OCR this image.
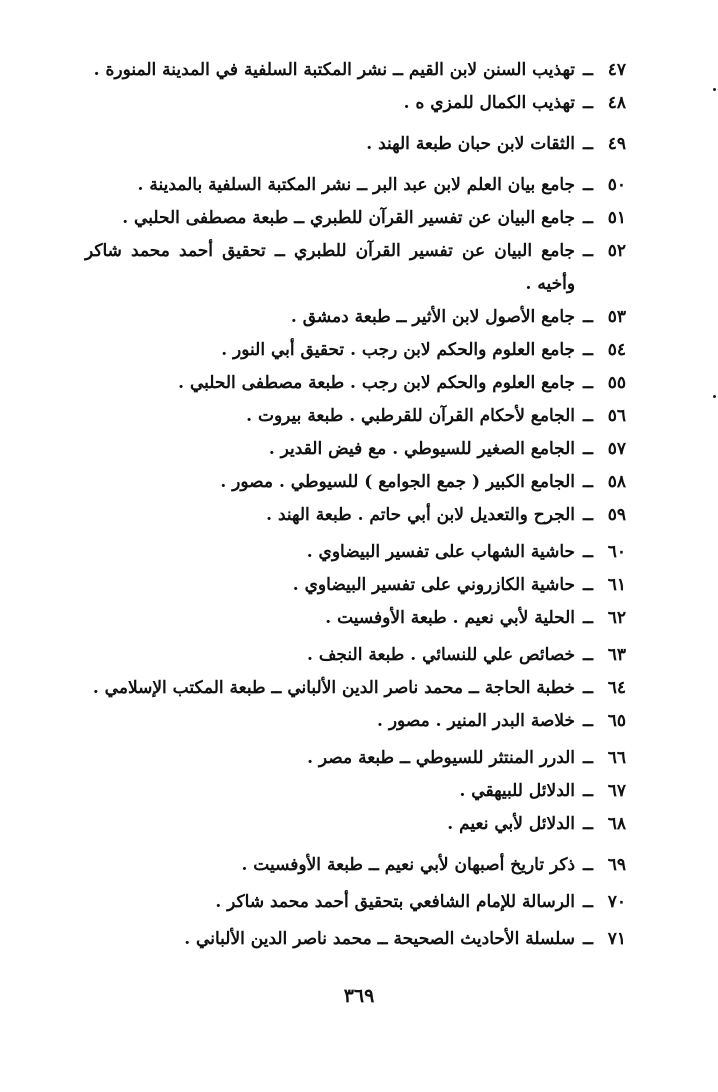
٤٧
ــ
تهذيب السنن لابن القيم ــ نشر المكتبة السلفية في المدينة المنورة .
٤٨
ــ
تهذيب الكمال للمزي ه .
٤٩
ــ
الثقات لابن حبان طبعة الهند .
٥٠
ــ
جامع بيان العلم لابن عبد البر ــ نشر المكتبة السلفية بالمدينة .
٥١
ــ
جامع البيان عن تفسير القرآن للطبري ــ طبعة مصطفى الحلبي .
٥٢
ــ
جامع البيان عن تفسير القرآن للطبري ــ تحقيق أحمد محمد شاكر وأخيه .
٥٣
ــ
جامع الأصول لابن الأثير ــ طبعة دمشق .
٥٤
ــ
جامع العلوم والحكم لابن رجب . تحقيق أبي النور .
٥٥
ــ
جامع العلوم والحكم لابن رجب . طبعة مصطفى الحلبي .
٥٦
ــ
الجامع لأحكام القرآن للقرطبي . طبعة بيروت .
٥٧
ــ
الجامع الصغير للسيوطي . مع فيض القدير .
٥٨
ــ
الجامع الكبير ( جمع الجوامع ) للسيوطي . مصور .
٥٩
ــ
الجرح والتعديل لابن أبي حاتم . طبعة الهند .
٦٠
ــ
حاشية الشهاب على تفسير البيضاوي .
٦١
ــ
حاشية الكازروني على تفسير البيضاوي .
٦٢
ــ
الحلية لأبي نعيم . طبعة الأوفسيت .
٦٣
ــ
خصائص علي للنسائي . طبعة النجف .
٦٤
ــ
خطبة الحاجة ــ محمد ناصر الدين الألباني ــ طبعة المكتب الإسلامي .
٦٥
ــ
خلاصة البدر المنير . مصور .
٦٦
ــ
الدرر المنتثر للسيوطي ــ طبعة مصر .
٦٧
ــ
الدلائل للبيهقي .
٦٨
ــ
الدلائل لأبي نعيم .
٦٩
ــ
ذكر تاريخ أصبهان لأبي نعيم ــ طبعة الأوفسيت .
٧٠
ــ
الرسالة للإمام الشافعي بتحقيق أحمد محمد شاكر .
٧١
ــ
سلسلة الأحاديث الصحيحة ــ محمد ناصر الدين الألباني .
٣٦٩
